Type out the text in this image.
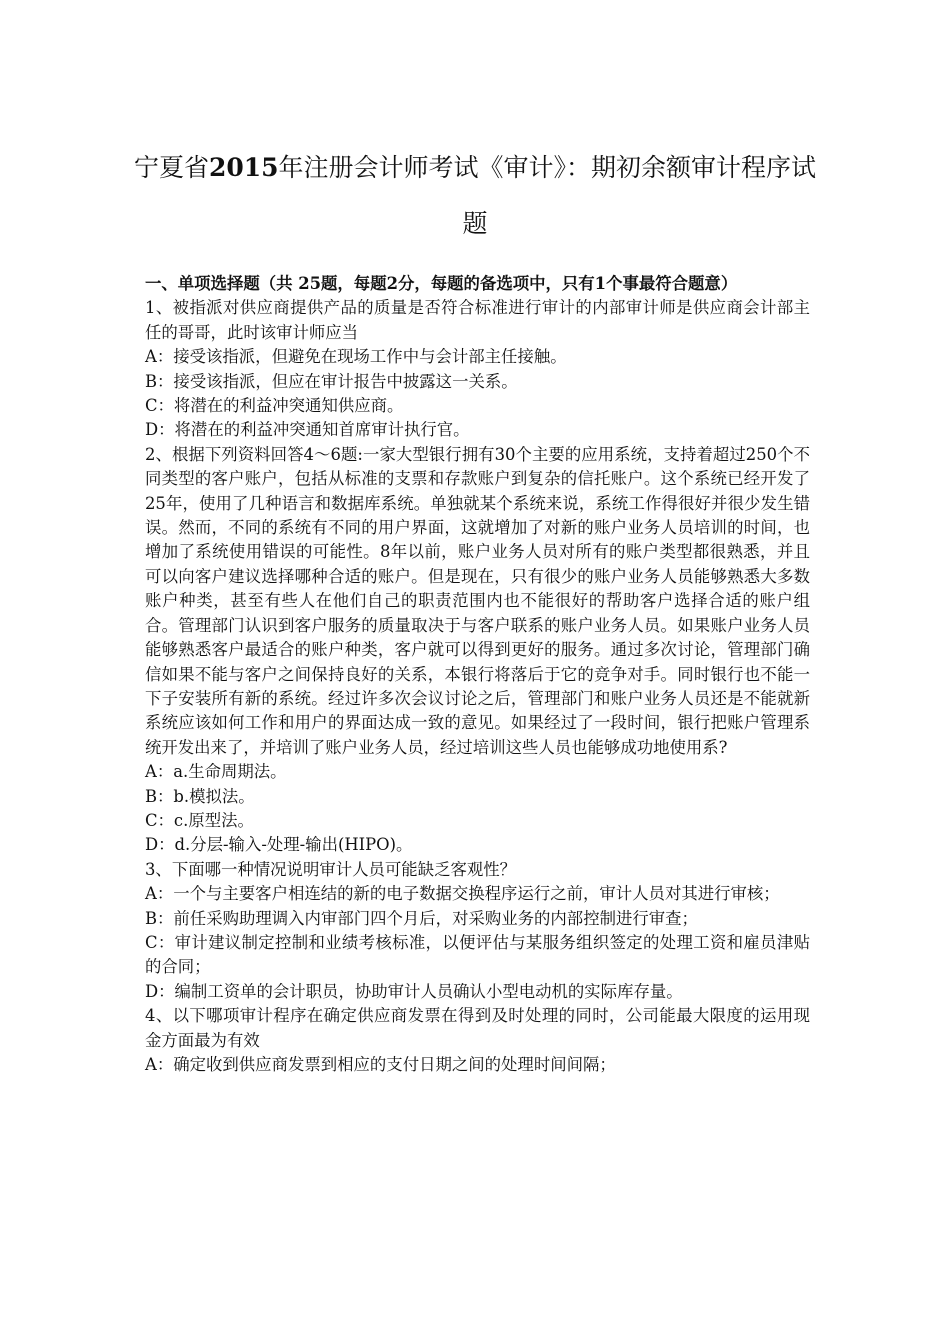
宁夏省2015年注册会计师考试《审计》：期初余额审计程序试题

一、单项选择题（共 25题，每题2分，每题的备选项中，只有1个事最符合题意）

1、被指派对供应商提供产品的质量是否符合标准进行审计的内部审计师是供应商会计部主任的哥哥，此时该审计师应当

A：接受该指派，但避免在现场工作中与会计部主任接触。

B：接受该指派，但应在审计报告中披露这一关系。

C：将潜在的利益冲突通知供应商。

D：将潜在的利益冲突通知首席审计执行官。

2、根据下列资料回答4～6题:一家大型银行拥有30个主要的应用系统，支持着超过250个不同类型的客户账户，包括从标准的支票和存款账户到复杂的信托账户。这个系统已经开发了25年，使用了几种语言和数据库系统。单独就某个系统来说，系统工作得很好并很少发生错误。然而，不同的系统有不同的用户界面，这就增加了对新的账户业务人员培训的时间，也增加了系统使用错误的可能性。8年以前，账户业务人员对所有的账户类型都很熟悉，并且可以向客户建议选择哪种合适的账户。但是现在，只有很少的账户业务人员能够熟悉大多数账户种类，甚至有些人在他们自己的职责范围内也不能很好的帮助客户选择合适的账户组合。管理部门认识到客户服务的质量取决于与客户联系的账户业务人员。如果账户业务人员能够熟悉客户最适合的账户种类，客户就可以得到更好的服务。通过多次讨论，管理部门确信如果不能与客户之间保持良好的关系，本银行将落后于它的竞争对手。同时银行也不能一下子安装所有新的系统。经过许多次会议讨论之后，管理部门和账户业务人员还是不能就新系统应该如何工作和用户的界面达成一致的意见。如果经过了一段时间，银行把账户管理系统开发出来了，并培训了账户业务人员，经过培训这些人员也能够成功地使用系?

A：a.生命周期法。

B：b.模拟法。

C：c.原型法。

D：d.分层-输入-处理-输出(HIPO)。

3、下面哪一种情况说明审计人员可能缺乏客观性？

A：一个与主要客户相连结的新的电子数据交换程序运行之前，审计人员对其进行审核；

B：前任采购助理调入内审部门四个月后，对采购业务的内部控制进行审查；

C：审计建议制定控制和业绩考核标准，以便评估与某服务组织签定的处理工资和雇员津贴的合同；

D：编制工资单的会计职员，协助审计人员确认小型电动机的实际库存量。

4、以下哪项审计程序在确定供应商发票在得到及时处理的同时，公司能最大限度的运用现金方面最为有效

A：确定收到供应商发票到相应的支付日期之间的处理时间间隔；
